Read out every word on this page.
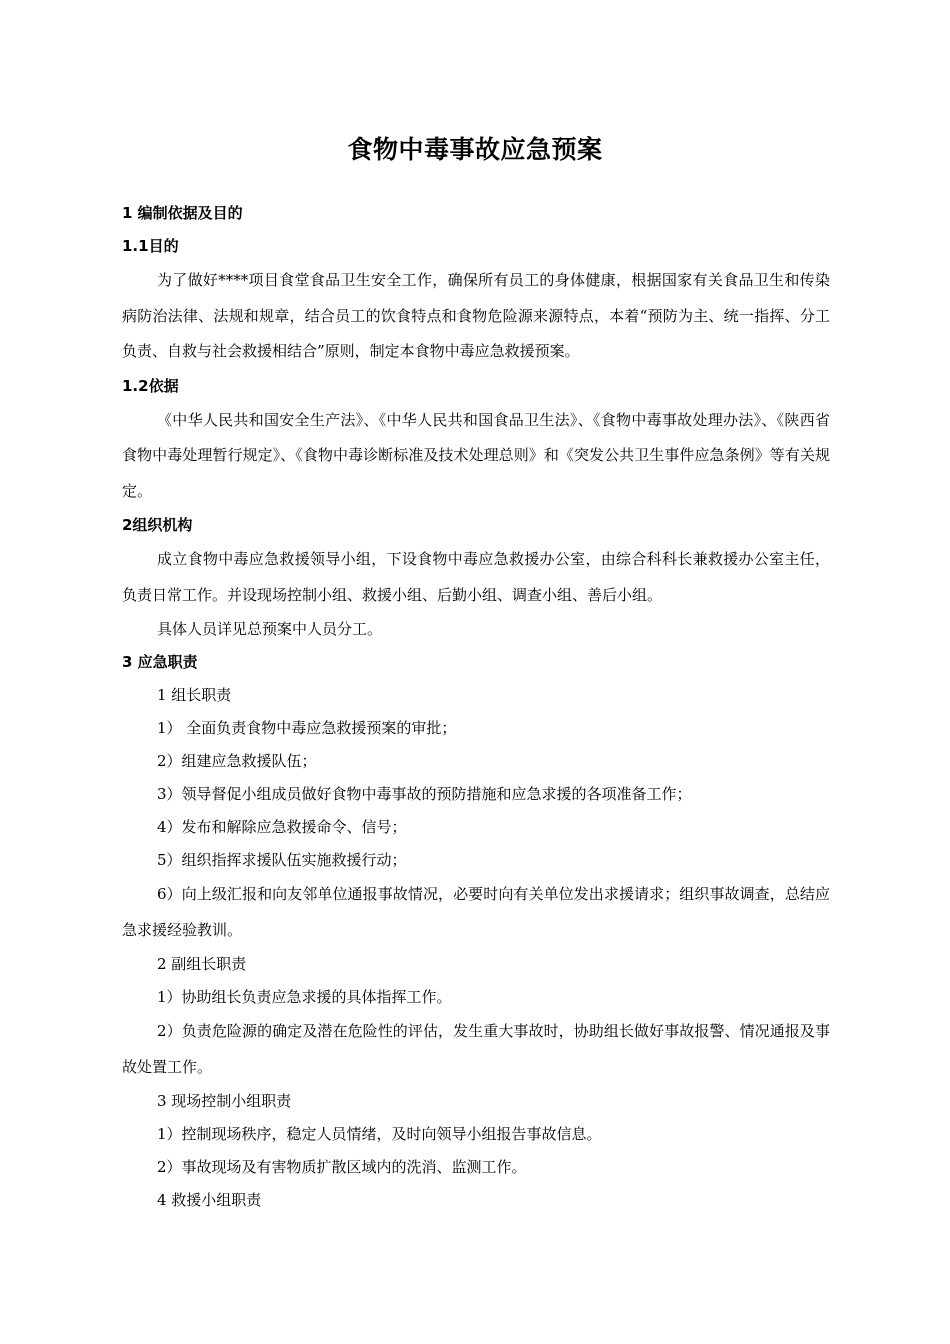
食物中毒事故应急预案
1 编制依据及目的
1.1目的
为了做好****项目食堂食品卫生安全工作，确保所有员工的身体健康，根据国家有关食品卫生和传染病防治法律、法规和规章，结合员工的饮食特点和食物危险源来源特点，本着“预防为主、统一指挥、分工负责、自救与社会救援相结合”原则，制定本食物中毒应急救援预案。
1.2依据
《中华人民共和国安全生产法》、《中华人民共和国食品卫生法》、《食物中毒事故处理办法》、《陕西省食物中毒处理暂行规定》、《食物中毒诊断标准及技术处理总则》和《突发公共卫生事件应急条例》等有关规定。
2组织机构
成立食物中毒应急救援领导小组，下设食物中毒应急救援办公室，由综合科科长兼救援办公室主任，负责日常工作。并设现场控制小组、救援小组、后勤小组、调查小组、善后小组。
具体人员详见总预案中人员分工。
3 应急职责
1 组长职责
1） 全面负责食物中毒应急救援预案的审批；
2）组建应急救援队伍；
3）领导督促小组成员做好食物中毒事故的预防措施和应急求援的各项准备工作；
4）发布和解除应急救援命令、信号；
5）组织指挥求援队伍实施救援行动；
6）向上级汇报和向友邻单位通报事故情况，必要时向有关单位发出求援请求；组织事故调查，总结应急求援经验教训。
2 副组长职责
1）协助组长负责应急求援的具体指挥工作。
2）负责危险源的确定及潜在危险性的评估，发生重大事故时，协助组长做好事故报警、情况通报及事故处置工作。
3 现场控制小组职责
1）控制现场秩序，稳定人员情绪，及时向领导小组报告事故信息。
2）事故现场及有害物质扩散区域内的洗消、监测工作。
4 救援小组职责
